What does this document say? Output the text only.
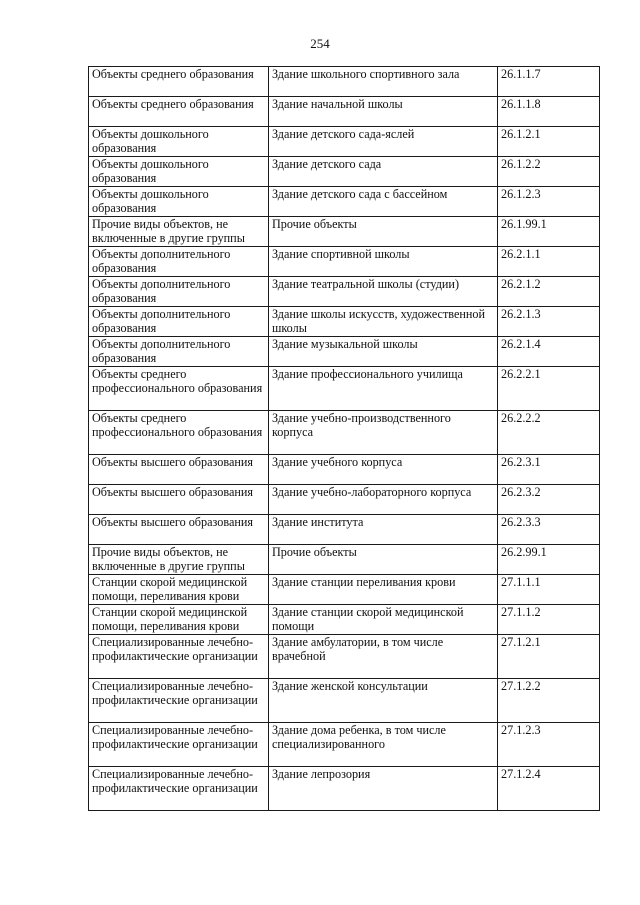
254
Объекты среднего образования	Здание школьного спортивного зала	26.1.1.7
Объекты среднего образования	Здание начальной школы	26.1.1.8
Объекты дошкольного образования	Здание детского сада-яслей	26.1.2.1
Объекты дошкольного образования	Здание детского сада	26.1.2.2
Объекты дошкольного образования	Здание детского сада с бассейном	26.1.2.3
Прочие виды объектов, не включенные в другие группы	Прочие объекты	26.1.99.1
Объекты дополнительного образования	Здание спортивной школы	26.2.1.1
Объекты дополнительного образования	Здание театральной школы (студии)	26.2.1.2
Объекты дополнительного образования	Здание школы искусств, художественной школы	26.2.1.3
Объекты дополнительного образования	Здание музыкальной школы	26.2.1.4
Объекты среднего профессионального образования	Здание профессионального училища	26.2.2.1
Объекты среднего профессионального образования	Здание учебно-производственного корпуса	26.2.2.2
Объекты высшего образования	Здание учебного корпуса	26.2.3.1
Объекты высшего образования	Здание учебно-лабораторного корпуса	26.2.3.2
Объекты высшего образования	Здание института	26.2.3.3
Прочие виды объектов, не включенные в другие группы	Прочие объекты	26.2.99.1
Станции скорой медицинской помощи, переливания крови	Здание станции переливания крови	27.1.1.1
Станции скорой медицинской помощи, переливания крови	Здание станции скорой медицинской помощи	27.1.1.2
Специализированные лечебно-профилактические организации	Здание амбулатории, в том числе врачебной	27.1.2.1
Специализированные лечебно-профилактические организации	Здание женской консультации	27.1.2.2
Специализированные лечебно-профилактические организации	Здание дома ребенка, в том числе специализированного	27.1.2.3
Специализированные лечебно-профилактические организации	Здание лепрозория	27.1.2.4
